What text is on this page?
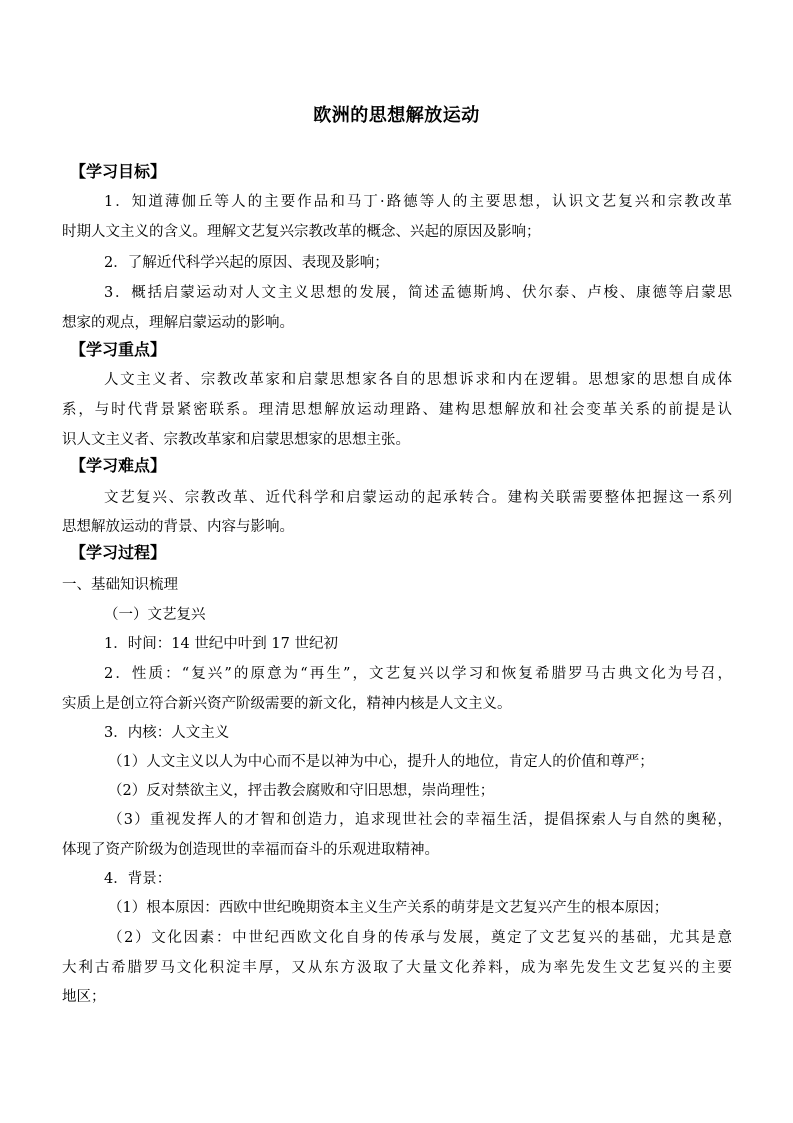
欧洲的思想解放运动
【学习目标】
1．知道薄伽丘等人的主要作品和马丁·路德等人的主要思想，认识文艺复兴和宗教改革
时期人文主义的含义。理解文艺复兴宗教改革的概念、兴起的原因及影响；
2．了解近代科学兴起的原因、表现及影响；
3．概括启蒙运动对人文主义思想的发展，简述孟德斯鸠、伏尔泰、卢梭、康德等启蒙思
想家的观点，理解启蒙运动的影响。
【学习重点】
人文主义者、宗教改革家和启蒙思想家各自的思想诉求和内在逻辑。思想家的思想自成体
系，与时代背景紧密联系。理清思想解放运动理路、建构思想解放和社会变革关系的前提是认
识人文主义者、宗教改革家和启蒙思想家的思想主张。
【学习难点】
文艺复兴、宗教改革、近代科学和启蒙运动的起承转合。建构关联需要整体把握这一系列
思想解放运动的背景、内容与影响。
【学习过程】
一、基础知识梳理
（一）文艺复兴
1．时间：14 世纪中叶到 17 世纪初
2．性质：“复兴”的原意为“再生”，文艺复兴以学习和恢复希腊罗马古典文化为号召，
实质上是创立符合新兴资产阶级需要的新文化，精神内核是人文主义。
3．内核：人文主义
（1）人文主义以人为中心而不是以神为中心，提升人的地位，肯定人的价值和尊严；
（2）反对禁欲主义，抨击教会腐败和守旧思想，崇尚理性；
（3）重视发挥人的才智和创造力，追求现世社会的幸福生活，提倡探索人与自然的奥秘，
体现了资产阶级为创造现世的幸福而奋斗的乐观进取精神。
4．背景：
（1）根本原因：西欧中世纪晚期资本主义生产关系的萌芽是文艺复兴产生的根本原因；
（2）文化因素：中世纪西欧文化自身的传承与发展，奠定了文艺复兴的基础，尤其是意
大利古希腊罗马文化积淀丰厚，又从东方汲取了大量文化养料，成为率先发生文艺复兴的主要
地区；
